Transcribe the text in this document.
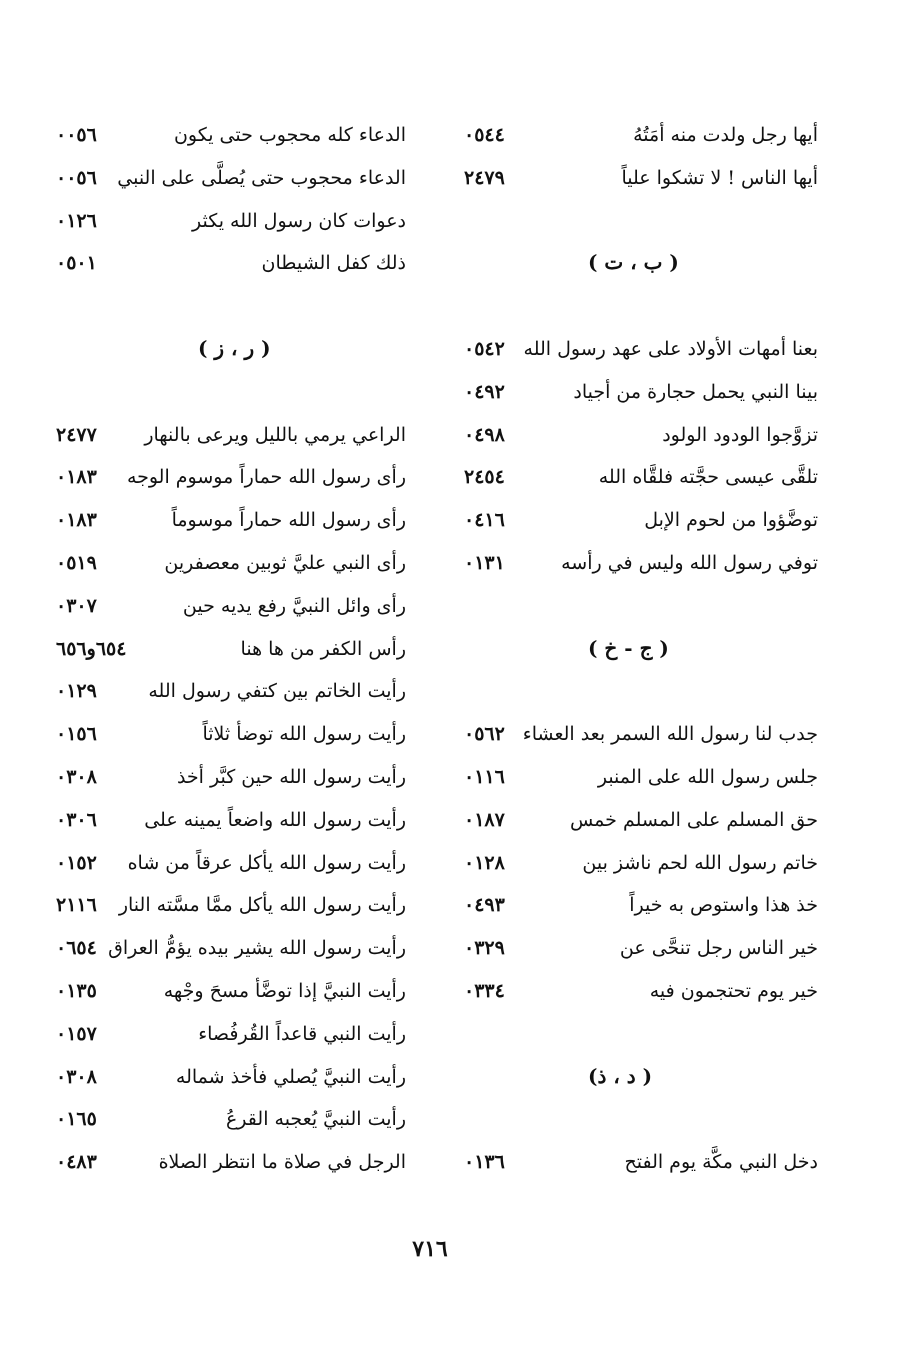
أيها رجل ولدت منه أمَتُهُ
٠٥٤٤
أيها الناس ! لا تشكوا علياً
٢٤٧٩
( ب ، ت )
بعنا أمهات الأولاد على عهد رسول الله
٠٥٤٢
بينا النبي يحمل حجارة من أجياد
٠٤٩٢
تزوَّجوا الودود الولود
٠٤٩٨
تلقَّى عيسى حجَّته فلقَّاه الله
٢٤٥٤
توضَّؤوا من لحوم الإبل
٠٤١٦
توفي رسول الله وليس في رأسه
٠١٣١
( ج - خ )
جدب لنا رسول الله السمر بعد العشاء
٠٥٦٢
جلس رسول الله على المنبر
٠١١٦
حق المسلم على المسلم خمس
٠١٨٧
خاتم رسول الله لحم ناشز بين
٠١٢٨
خذ هذا واستوص به خيراً
٠٤٩٣
خير الناس رجل تنحَّى عن
٠٣٢٩
خير يوم تحتجمون فيه
٠٣٣٤
( د ، ذ)
دخل النبي مكَّة يوم الفتح
٠١٣٦
الدعاء كله محجوب حتى يكون
٠٠٥٦
الدعاء محجوب حتى يُصلَّى على النبي
٠٠٥٦
دعوات كان رسول الله يكثر
٠١٢٦
ذلك كفل الشيطان
٠٥٠١
( ر ، ز )
الراعي يرمي بالليل ويرعى بالنهار
٢٤٧٧
رأى رسول الله حماراً موسوم الوجه
٠١٨٣
رأى رسول الله حماراً موسوماً
٠١٨٣
رأى النبي عليَّ ثوبين معصفرين
٠٥١٩
رأى وائل النبيَّ رفع يديه حين
٠٣٠٧
رأس الكفر من ها هنا
٦٥٤و٦٥٦
رأيت الخاتم بين كتفي رسول الله
٠١٢٩
رأيت رسول الله توضأ ثلاثاً
٠١٥٦
رأيت رسول الله حين كبَّر أخذ
٠٣٠٨
رأيت رسول الله واضعاً يمينه على
٠٣٠٦
رأيت رسول الله يأكل عرقاً من شاه
٠١٥٢
رأيت رسول الله يأكل ممَّا مسَّته النار
٢١١٦
رأيت رسول الله يشير بيده يؤمُّ العراق
٠٦٥٤
رأيت النبيَّ إذا توضَّأ مسحَ وجْهه
٠١٣٥
رأيت النبي قاعداً القُرفُصاء
٠١٥٧
رأيت النبيَّ يُصلي فأخذ شماله
٠٣٠٨
رأيت النبيَّ يُعجبه القرعُ
٠١٦٥
الرجل في صلاة ما انتظر الصلاة
٠٤٨٣
٧١٦
